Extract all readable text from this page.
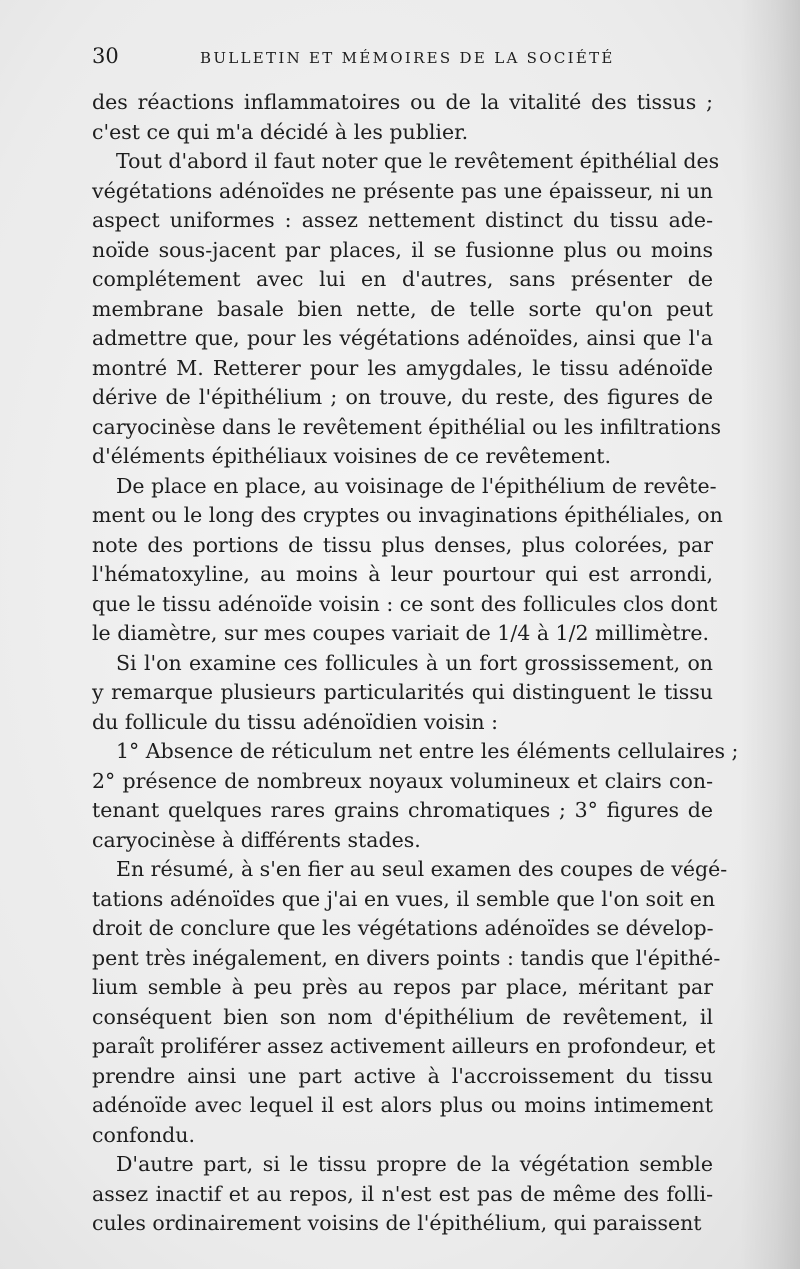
30	BULLETIN ET MÉMOIRES DE LA SOCIÉTÉ
des réactions inflammatoires ou de la vitalité des tissus ;
c'est ce qui m'a décidé à les publier.
Tout d'abord il faut noter que le revêtement épithélial des
végétations adénoïdes ne présente pas une épaisseur, ni un
aspect uniformes : assez nettement distinct du tissu ade-
noïde sous-jacent par places, il se fusionne plus ou moins
complétement avec lui en d'autres, sans présenter de
membrane basale bien nette, de telle sorte qu'on peut
admettre que, pour les végétations adénoïdes, ainsi que l'a
montré M. Retterer pour les amygdales, le tissu adénoïde
dérive de l'épithélium ; on trouve, du reste, des figures de
caryocinèse dans le revêtement épithélial ou les infiltrations
d'éléments épithéliaux voisines de ce revêtement.
De place en place, au voisinage de l'épithélium de revête-
ment ou le long des cryptes ou invaginations épithéliales, on
note des portions de tissu plus denses, plus colorées, par
l'hématoxyline, au moins à leur pourtour qui est arrondi,
que le tissu adénoïde voisin : ce sont des follicules clos dont
le diamètre, sur mes coupes variait de 1/4 à 1/2 millimètre.
Si l'on examine ces follicules à un fort grossissement, on
y remarque plusieurs particularités qui distinguent le tissu
du follicule du tissu adénoïdien voisin :
1° Absence de réticulum net entre les éléments cellulaires ;
2° présence de nombreux noyaux volumineux et clairs con-
tenant quelques rares grains chromatiques ; 3° figures de
caryocinèse à différents stades.
En résumé, à s'en fier au seul examen des coupes de végé-
tations adénoïdes que j'ai en vues, il semble que l'on soit en
droit de conclure que les végétations adénoïdes se dévelop-
pent très inégalement, en divers points : tandis que l'épithé-
lium semble à peu près au repos par place, méritant par
conséquent bien son nom d'épithélium de revêtement, il
paraît proliférer assez activement ailleurs en profondeur, et
prendre ainsi une part active à l'accroissement du tissu
adénoïde avec lequel il est alors plus ou moins intimement
confondu.
D'autre part, si le tissu propre de la végétation semble
assez inactif et au repos, il n'est est pas de même des folli-
cules ordinairement voisins de l'épithélium, qui paraissent
